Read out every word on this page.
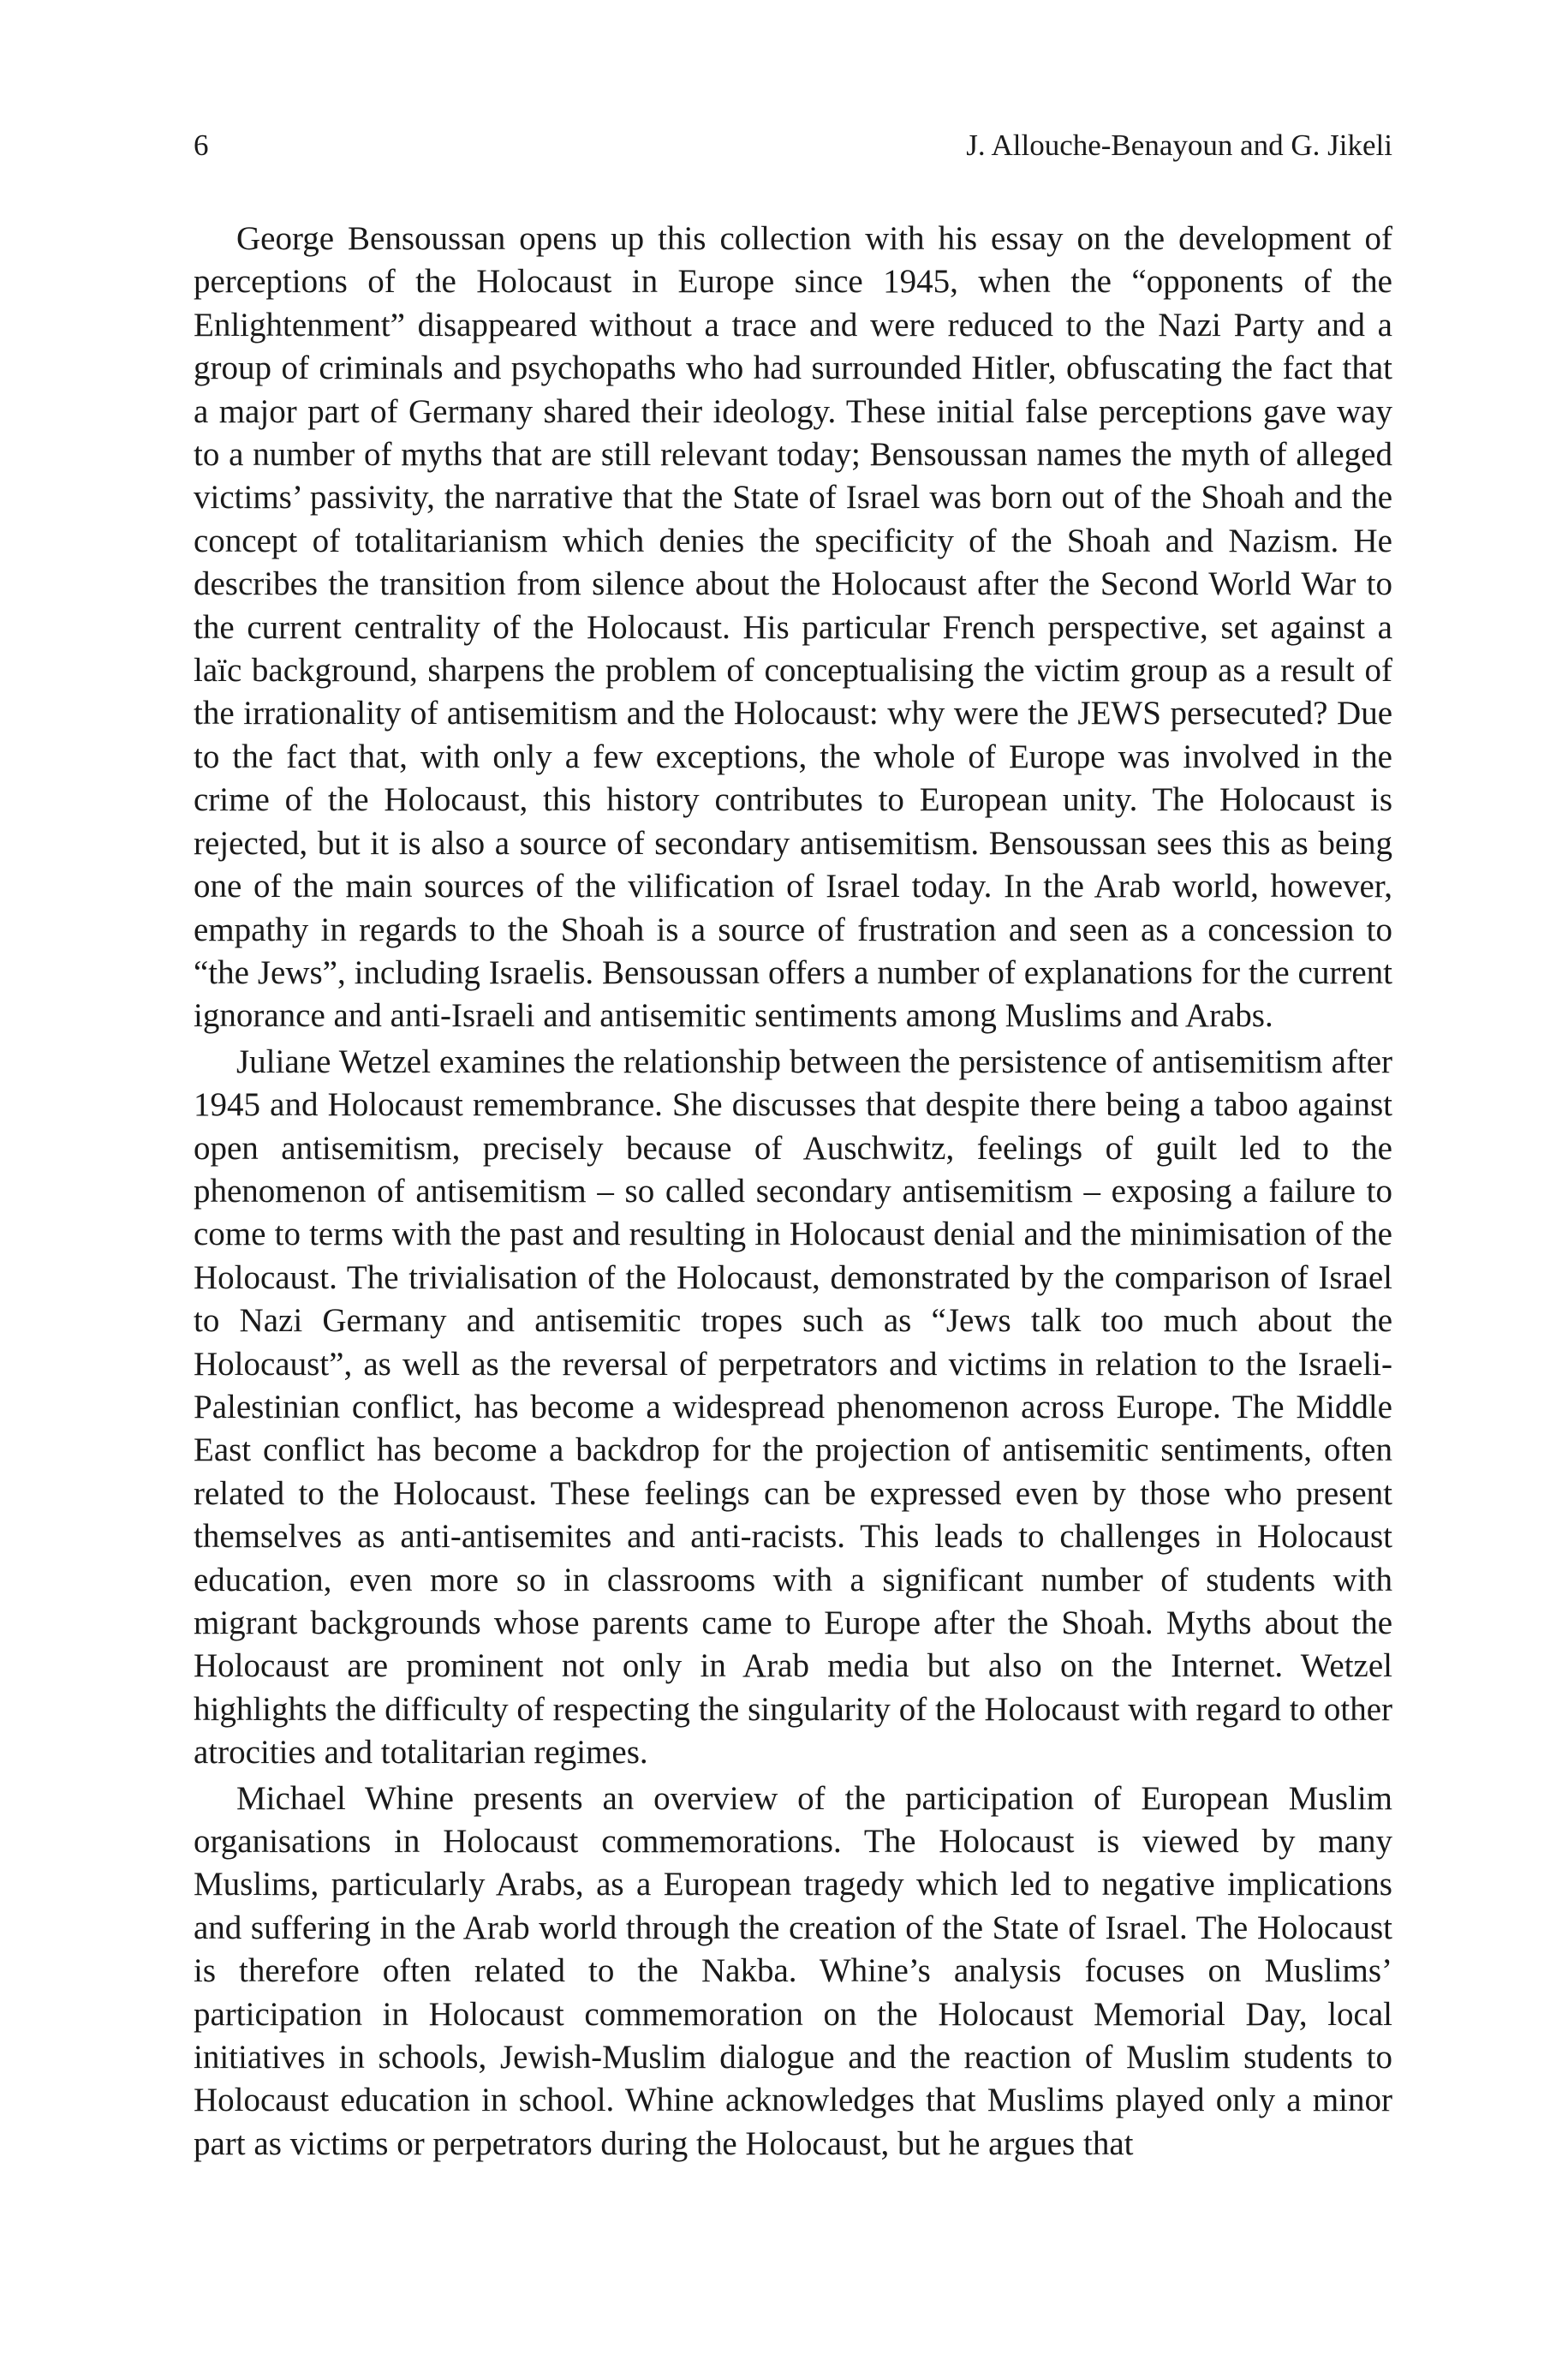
6	J. Allouche-Benayoun and G. Jikeli

George Bensoussan opens up this collection with his essay on the development of perceptions of the Holocaust in Europe since 1945, when the “opponents of the Enlightenment” disappeared without a trace and were reduced to the Nazi Party and a group of criminals and psychopaths who had surrounded Hitler, obfuscating the fact that a major part of Germany shared their ideology. These initial false perceptions gave way to a number of myths that are still relevant today; Bensoussan names the myth of alleged victims’ passivity, the narrative that the State of Israel was born out of the Shoah and the concept of totalitarianism which denies the specificity of the Shoah and Nazism. He describes the transition from silence about the Holocaust after the Second World War to the current centrality of the Holocaust. His particular French perspective, set against a laïc background, sharpens the problem of conceptualising the victim group as a result of the irrationality of antisemitism and the Holocaust: why were the JEWS persecuted? Due to the fact that, with only a few exceptions, the whole of Europe was involved in the crime of the Holocaust, this history contributes to European unity. The Holocaust is rejected, but it is also a source of secondary antisemitism. Bensoussan sees this as being one of the main sources of the vilification of Israel today. In the Arab world, however, empathy in regards to the Shoah is a source of frustration and seen as a concession to “the Jews”, including Israelis. Bensoussan offers a number of explanations for the current ignorance and anti-Israeli and antisemitic sentiments among Muslims and Arabs.

Juliane Wetzel examines the relationship between the persistence of antisemitism after 1945 and Holocaust remembrance. She discusses that despite there being a taboo against open antisemitism, precisely because of Auschwitz, feelings of guilt led to the phenomenon of antisemitism – so called secondary antisemitism – exposing a failure to come to terms with the past and resulting in Holocaust denial and the minimisation of the Holocaust. The trivialisation of the Holocaust, demonstrated by the comparison of Israel to Nazi Germany and antisemitic tropes such as “Jews talk too much about the Holocaust”, as well as the reversal of perpetrators and victims in relation to the Israeli-Palestinian conflict, has become a widespread phenomenon across Europe. The Middle East conflict has become a backdrop for the projection of antisemitic sentiments, often related to the Holocaust. These feelings can be expressed even by those who present themselves as anti-antisemites and anti-racists. This leads to challenges in Holocaust education, even more so in classrooms with a significant number of students with migrant backgrounds whose parents came to Europe after the Shoah. Myths about the Holocaust are prominent not only in Arab media but also on the Internet. Wetzel highlights the difficulty of respecting the singularity of the Holocaust with regard to other atrocities and totalitarian regimes.

Michael Whine presents an overview of the participation of European Muslim organisations in Holocaust commemorations. The Holocaust is viewed by many Muslims, particularly Arabs, as a European tragedy which led to negative implications and suffering in the Arab world through the creation of the State of Israel. The Holocaust is therefore often related to the Nakba. Whine’s analysis focuses on Muslims’ participation in Holocaust commemoration on the Holocaust Memorial Day, local initiatives in schools, Jewish-Muslim dialogue and the reaction of Muslim students to Holocaust education in school. Whine acknowledges that Muslims played only a minor part as victims or perpetrators during the Holocaust, but he argues that
